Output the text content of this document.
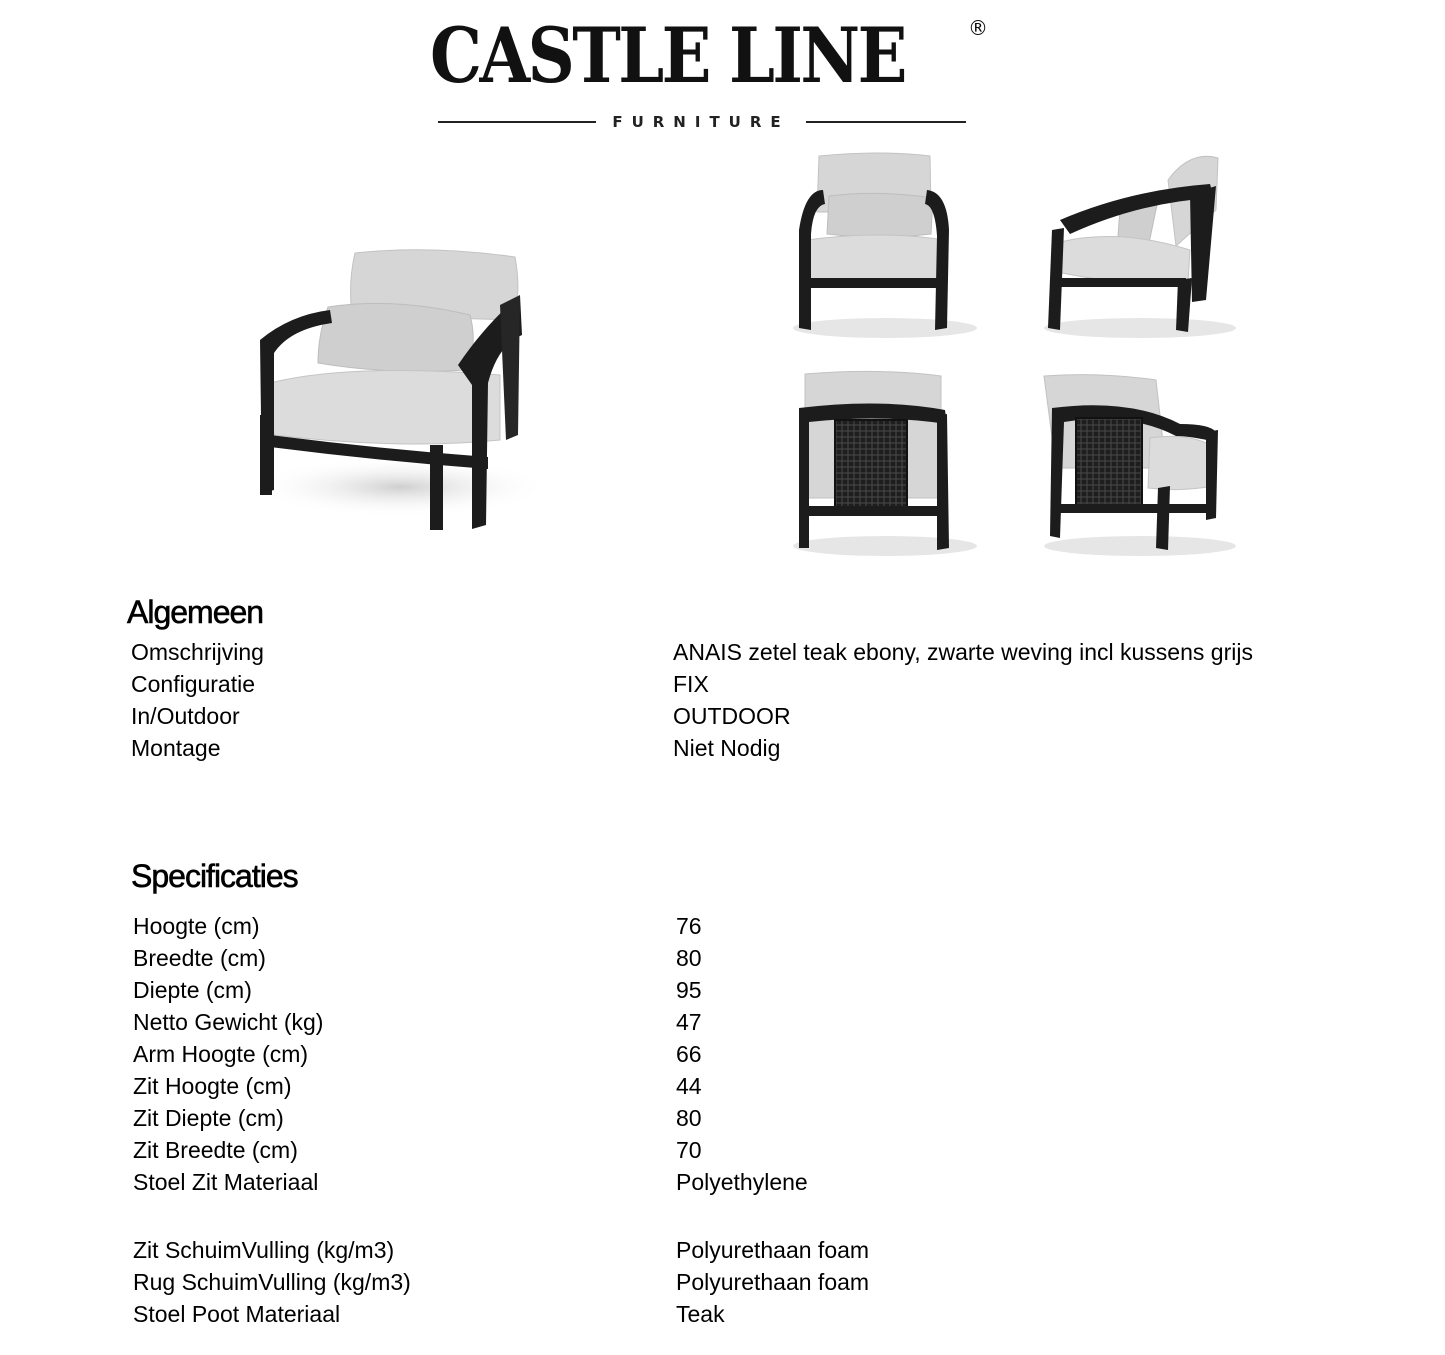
CASTLE LINE	®
FURNITURE
Algemeen
Omschrijving	ANAIS zetel teak ebony, zwarte weving incl kussens grijs
Configuratie	FIX
In/Outdoor	OUTDOOR
Montage	Niet Nodig
Specificaties
Hoogte (cm)	76
Breedte (cm)	80
Diepte (cm)	95
Netto Gewicht (kg)	47
Arm Hoogte (cm)	66
Zit Hoogte (cm)	44
Zit Diepte (cm)	80
Zit Breedte (cm)	70
Stoel Zit Materiaal	Polyethylene
Zit SchuimVulling (kg/m3)	Polyurethaan foam
Rug SchuimVulling (kg/m3)	Polyurethaan foam
Stoel Poot Materiaal	Teak
